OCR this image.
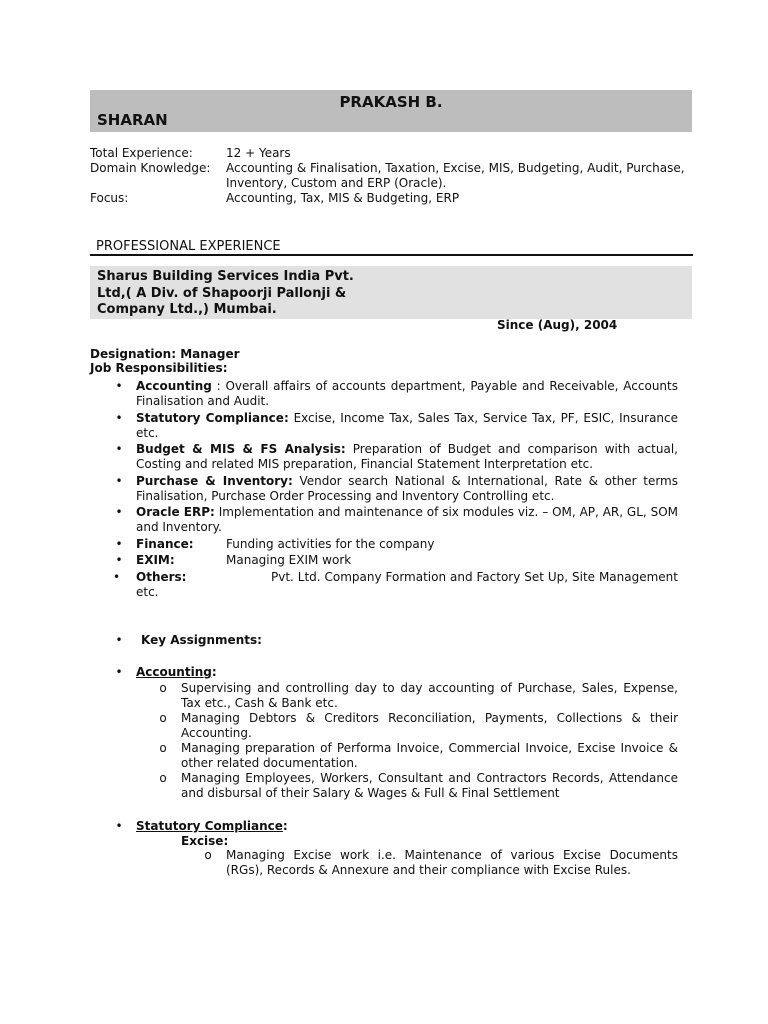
PRAKASH B.
SHARAN
Total Experience:	12 + Years
Domain Knowledge:	Accounting & Finalisation, Taxation, Excise, MIS, Budgeting, Audit, Purchase, Inventory, Custom and ERP (Oracle).
Focus:	Accounting, Tax, MIS & Budgeting, ERP
PROFESSIONAL EXPERIENCE
Sharus Building Services India Pvt. Ltd,( A Div. of Shapoorji Pallonji & Company Ltd.,) Mumbai.
Since (Aug), 2004
Designation: Manager
Job Responsibilities:
• Accounting : Overall affairs of accounts department, Payable and Receivable, Accounts Finalisation and Audit.
• Statutory Compliance: Excise, Income Tax, Sales Tax, Service Tax, PF, ESIC, Insurance etc.
• Budget & MIS & FS Analysis: Preparation of Budget and comparison with actual, Costing and related MIS preparation, Financial Statement Interpretation etc.
• Purchase & Inventory: Vendor search National & International, Rate & other terms Finalisation, Purchase Order Processing and Inventory Controlling etc.
• Oracle ERP: Implementation and maintenance of six modules viz. – OM, AP, AR, GL, SOM and Inventory.
• Finance:	Funding activities for the company
• EXIM:	Managing EXIM work
•	Others:	Pvt. Ltd. Company Formation and Factory Set Up, Site Management etc.
• Key Assignments:
• Accounting:
o Supervising and controlling day to day accounting of Purchase, Sales, Expense, Tax etc., Cash & Bank etc.
o Managing Debtors & Creditors Reconciliation, Payments, Collections & their Accounting.
o Managing preparation of Performa Invoice, Commercial Invoice, Excise Invoice & other related documentation.
o Managing Employees, Workers, Consultant and Contractors Records, Attendance and disbursal of their Salary & Wages & Full & Final Settlement
• Statutory Compliance:
Excise:
o Managing Excise work i.e. Maintenance of various Excise Documents (RGs), Records & Annexure and their compliance with Excise Rules.
